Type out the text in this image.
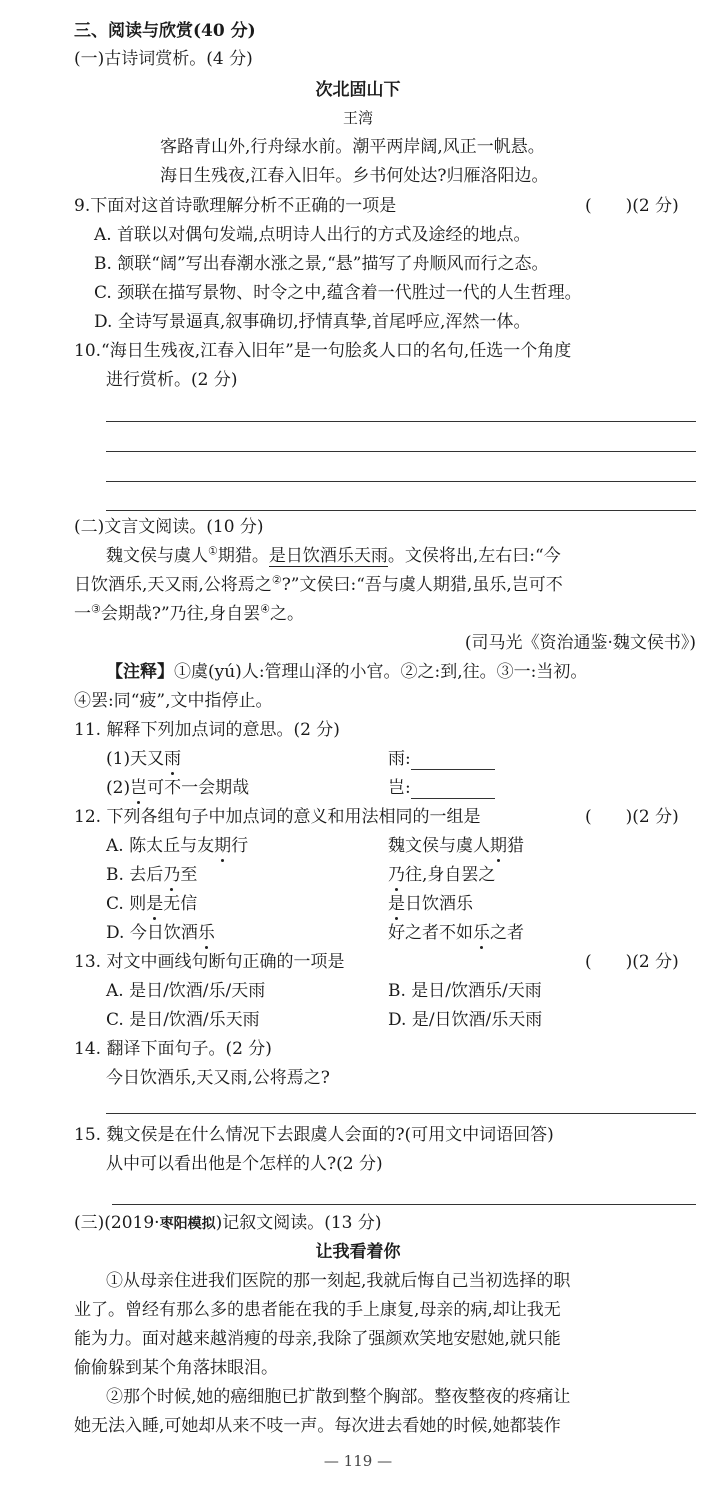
三、阅读与欣赏(40 分)
(一)古诗词赏析。(4 分)
次北固山下
王湾
客路青山外,行舟绿水前。潮平两岸阔,风正一帆悬。
海日生残夜,江春入旧年。乡书何处达?归雁洛阳边。
9.下面对这首诗歌理解分析不正确的一项是	(　　)(2 分)
A. 首联以对偶句发端,点明诗人出行的方式及途经的地点。
B. 颔联“阔”写出春潮水涨之景,“悬”描写了舟顺风而行之态。
C. 颈联在描写景物、时令之中,蕴含着一代胜过一代的人生哲理。
D. 全诗写景逼真,叙事确切,抒情真挚,首尾呼应,浑然一体。
10.“海日生残夜,江春入旧年”是一句脍炙人口的名句,任选一个角度
进行赏析。(2 分)
(二)文言文阅读。(10 分)
魏文侯与虞人①期猎。是日饮酒乐天雨。文侯将出,左右曰:“今
日饮酒乐,天又雨,公将焉之②?”文侯曰:“吾与虞人期猎,虽乐,岂可不
一③会期哉?”乃往,身自罢④之。
(司马光《资治通鉴·魏文侯书》)
【注释】①虞(yú)人:管理山泽的小官。②之:到,往。③一:当初。
④罢:同“疲”,文中指停止。
11. 解释下列加点词的意思。(2 分)
(1)天又雨	雨:
(2)岂可不一会期哉	岂:
12. 下列各组句子中加点词的意义和用法相同的一组是	(　　)(2 分)
A. 陈太丘与友期行	魏文侯与虞人期猎
B. 去后乃至	乃往,身自罢之
C. 则是无信	是日饮酒乐
D. 今日饮酒乐	好之者不如乐之者
13. 对文中画线句断句正确的一项是	(　　)(2 分)
A. 是日/饮酒/乐/天雨	B. 是日/饮酒乐/天雨
C. 是日/饮酒/乐天雨	D. 是/日饮酒/乐天雨
14. 翻译下面句子。(2 分)
今日饮酒乐,天又雨,公将焉之?
15. 魏文侯是在什么情况下去跟虞人会面的?(可用文中词语回答)
从中可以看出他是个怎样的人?(2 分)
(三)(2019·枣阳模拟)记叙文阅读。(13 分)
让我看着你
①从母亲住进我们医院的那一刻起,我就后悔自己当初选择的职
业了。曾经有那么多的患者能在我的手上康复,母亲的病,却让我无
能为力。面对越来越消瘦的母亲,我除了强颜欢笑地安慰她,就只能
偷偷躲到某个角落抹眼泪。
②那个时候,她的癌细胞已扩散到整个胸部。整夜整夜的疼痛让
她无法入睡,可她却从来不吱一声。每次进去看她的时候,她都装作
— 119 —
